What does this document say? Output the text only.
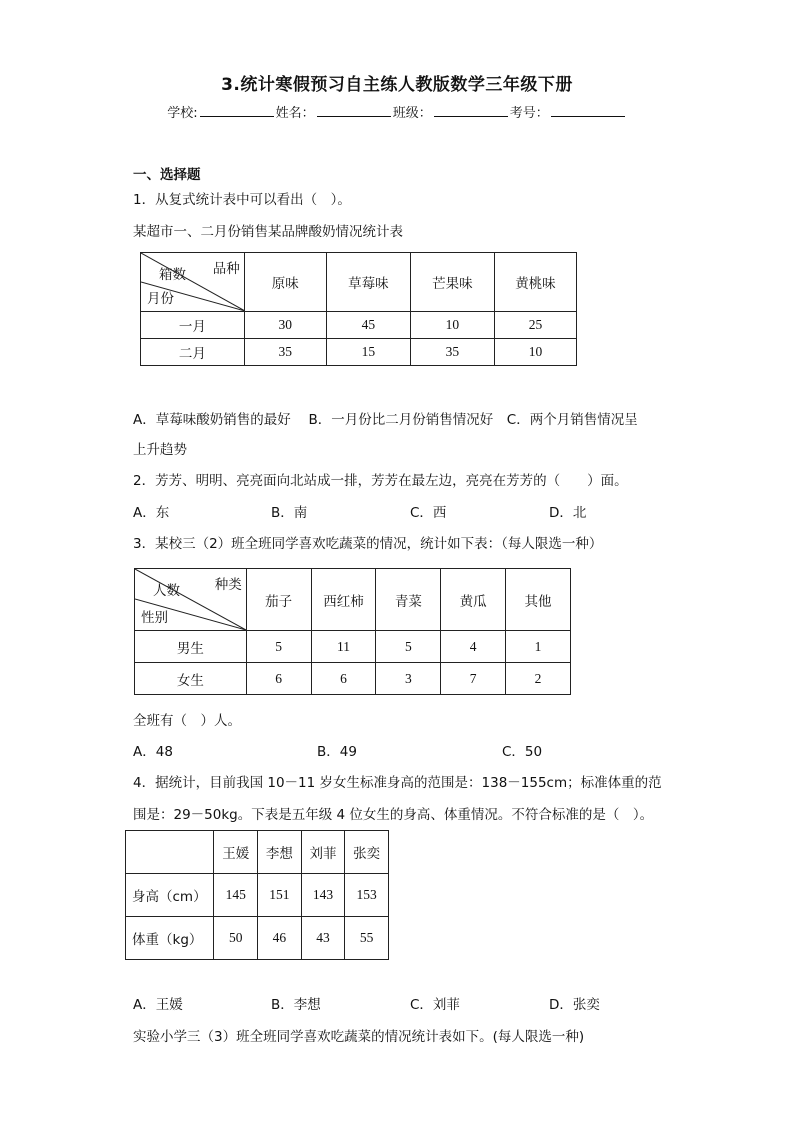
3.统计寒假预习自主练人教版数学三年级下册
学校:	姓名：	班级：	考号：
一、选择题
1．从复式统计表中可以看出（　）。
某超市一、二月份销售某品牌酸奶情况统计表
品种
箱数
月份	原味	草莓味	芒果味	黄桃味
一月	30	45	10	25
二月	35	15	35	10
A．草莓味酸奶销售的最好　 B．一月份比二月份销售情况好　C．两个月销售情况呈
上升趋势
2．芳芳、明明、亮亮面向北站成一排，芳芳在最左边，亮亮在芳芳的（　　）面。
A．东	B．南	C．西	D．北
3．某校三（2）班全班同学喜欢吃蔬菜的情况，统计如下表：（每人限选一种）
种类
人数
性别	茄子	西红柿	青菜	黄瓜	其他
男生	5	11	5	4	1
女生	6	6	3	7	2
全班有（　）人。
A．48	B．49	C．50
4．据统计，目前我国 10－11 岁女生标准身高的范围是：138－155cm；标准体重的范
围是：29－50kg。下表是五年级 4 位女生的身高、体重情况。不符合标准的是（　）。
	王媛	李想	刘菲	张奕
身高（cm）	145	151	143	153
体重（kg）	50	46	43	55
A．王媛	B．李想	C．刘菲	D．张奕
实验小学三（3）班全班同学喜欢吃蔬菜的情况统计表如下。(每人限选一种)
